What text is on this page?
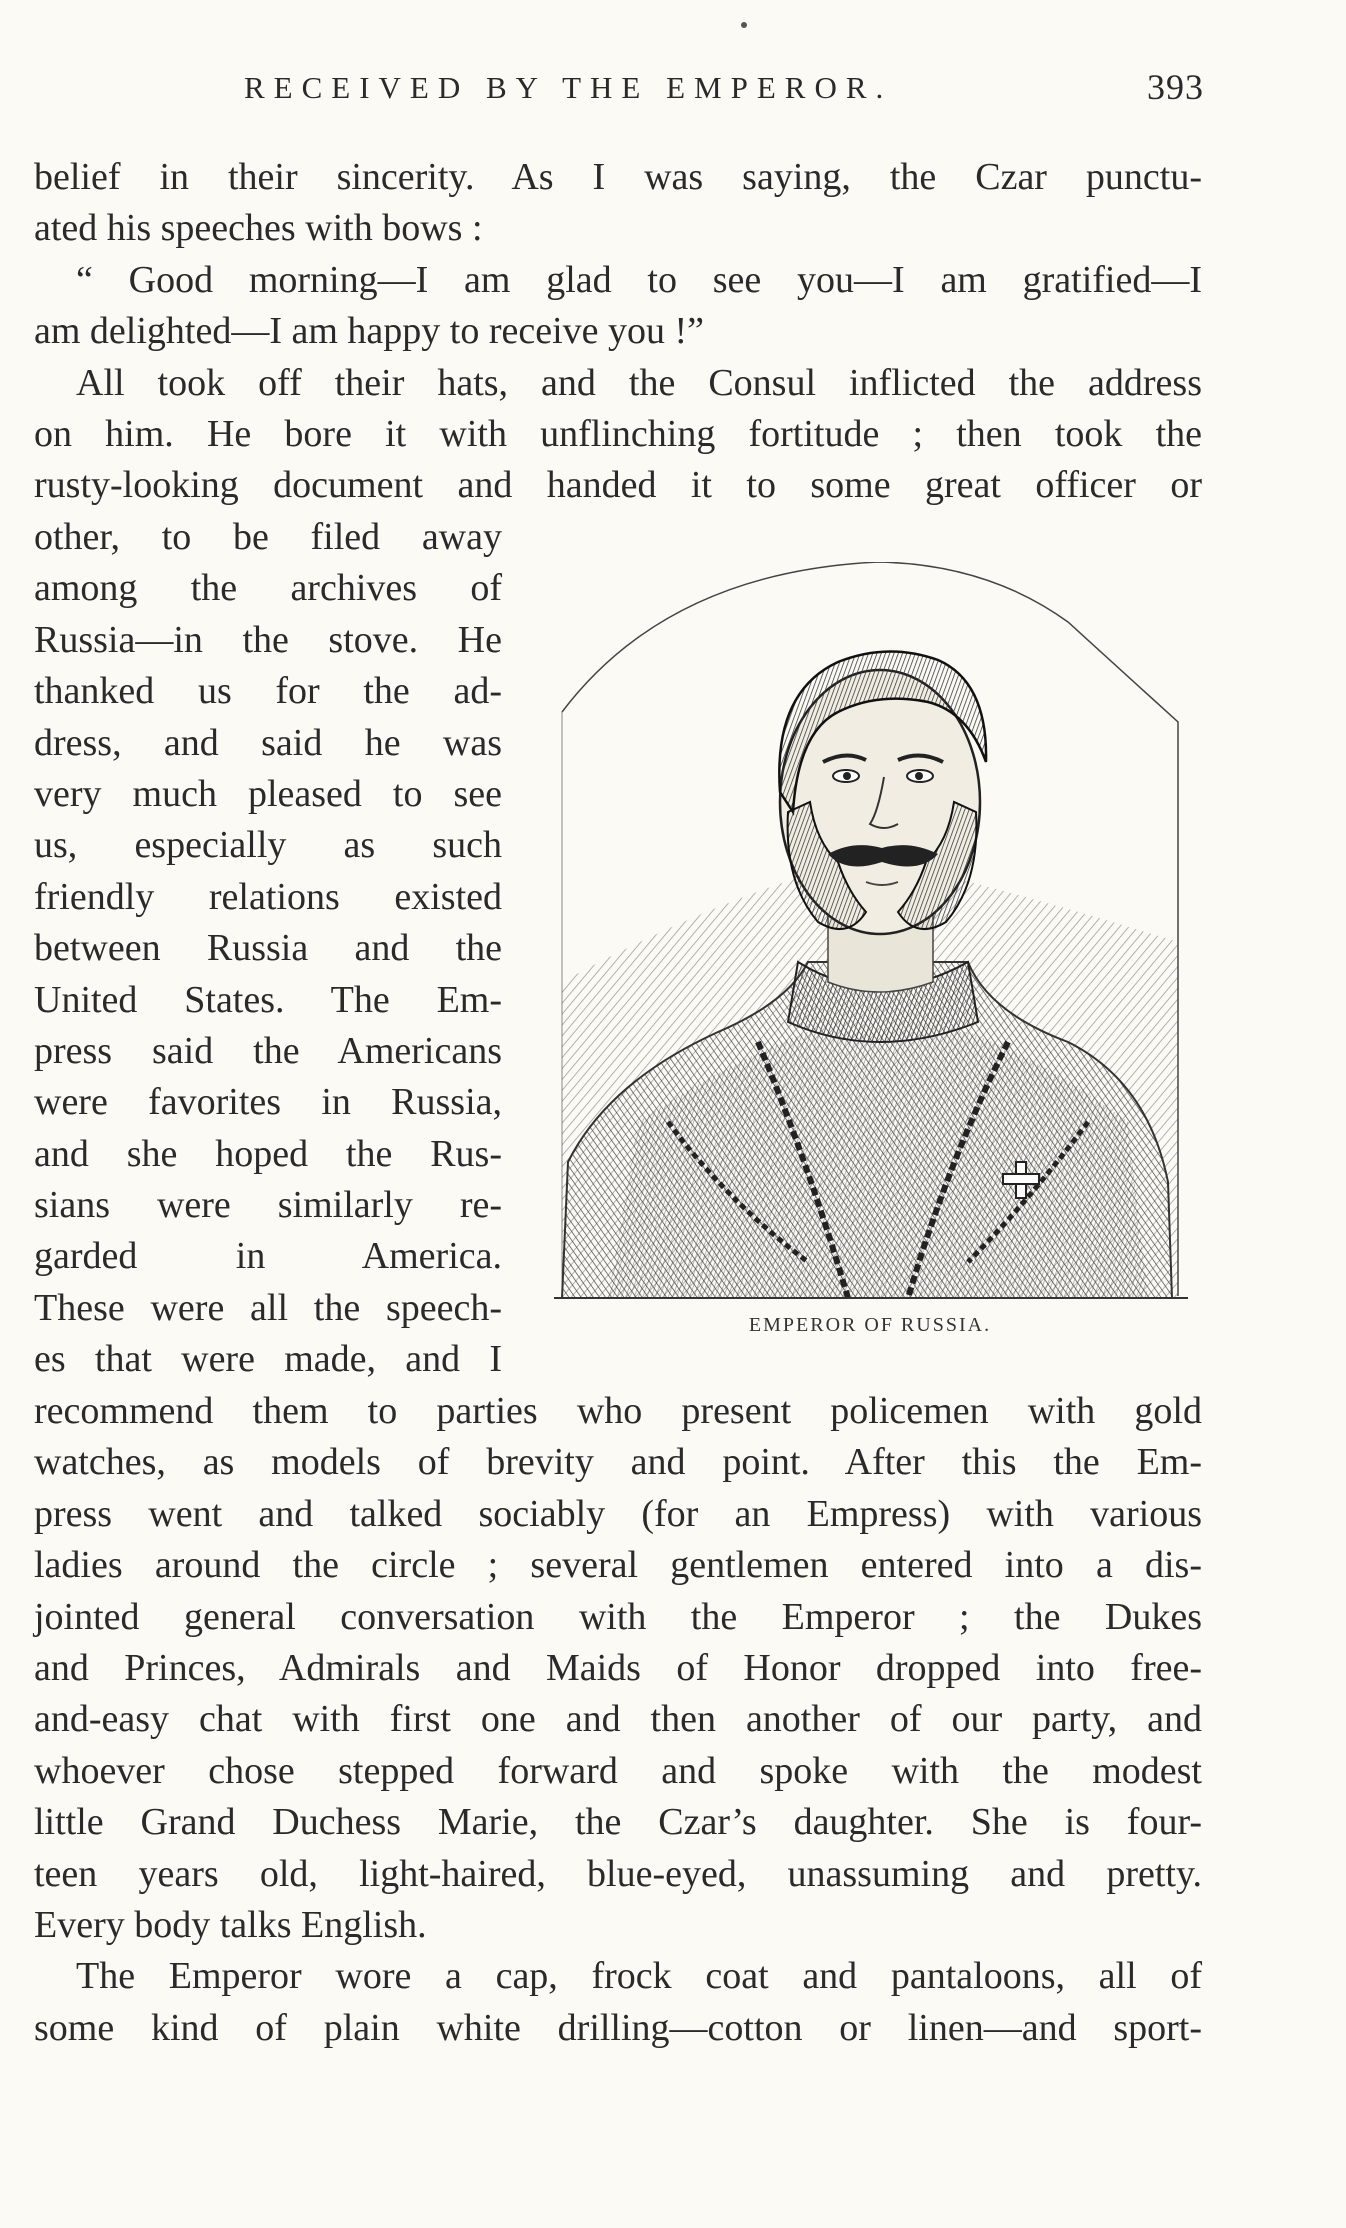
RECEIVED BY THE EMPEROR.	393
belief in their sincerity. As I was saying, the Czar punctu-
ated his speeches with bows :
“ Good morning—I am glad to see you—I am gratified—I
am delighted—I am happy to receive you !”
All took off their hats, and the Consul inflicted the address
on him. He bore it with unflinching fortitude ; then took the
rusty-looking document and handed it to some great officer or
other, to be filed away
among the archives of
Russia—in the stove. He
thanked us for the ad-
dress, and said he was
very much pleased to see
us, especially as such
friendly relations existed
between Russia and the
United States. The Em-
press said the Americans
were favorites in Russia,
and she hoped the Rus-
sians were similarly re-
garded in America.
These were all the speech-
es that were made, and I
EMPEROR OF RUSSIA.
recommend them to parties who present policemen with gold
watches, as models of brevity and point. After this the Em-
press went and talked sociably (for an Empress) with various
ladies around the circle ; several gentlemen entered into a dis-
jointed general conversation with the Emperor ; the Dukes
and Princes, Admirals and Maids of Honor dropped into free-
and-easy chat with first one and then another of our party, and
whoever chose stepped forward and spoke with the modest
little Grand Duchess Marie, the Czar’s daughter. She is four-
teen years old, light-haired, blue-eyed, unassuming and pretty.
Every body talks English.
The Emperor wore a cap, frock coat and pantaloons, all of
some kind of plain white drilling—cotton or linen—and sport-
